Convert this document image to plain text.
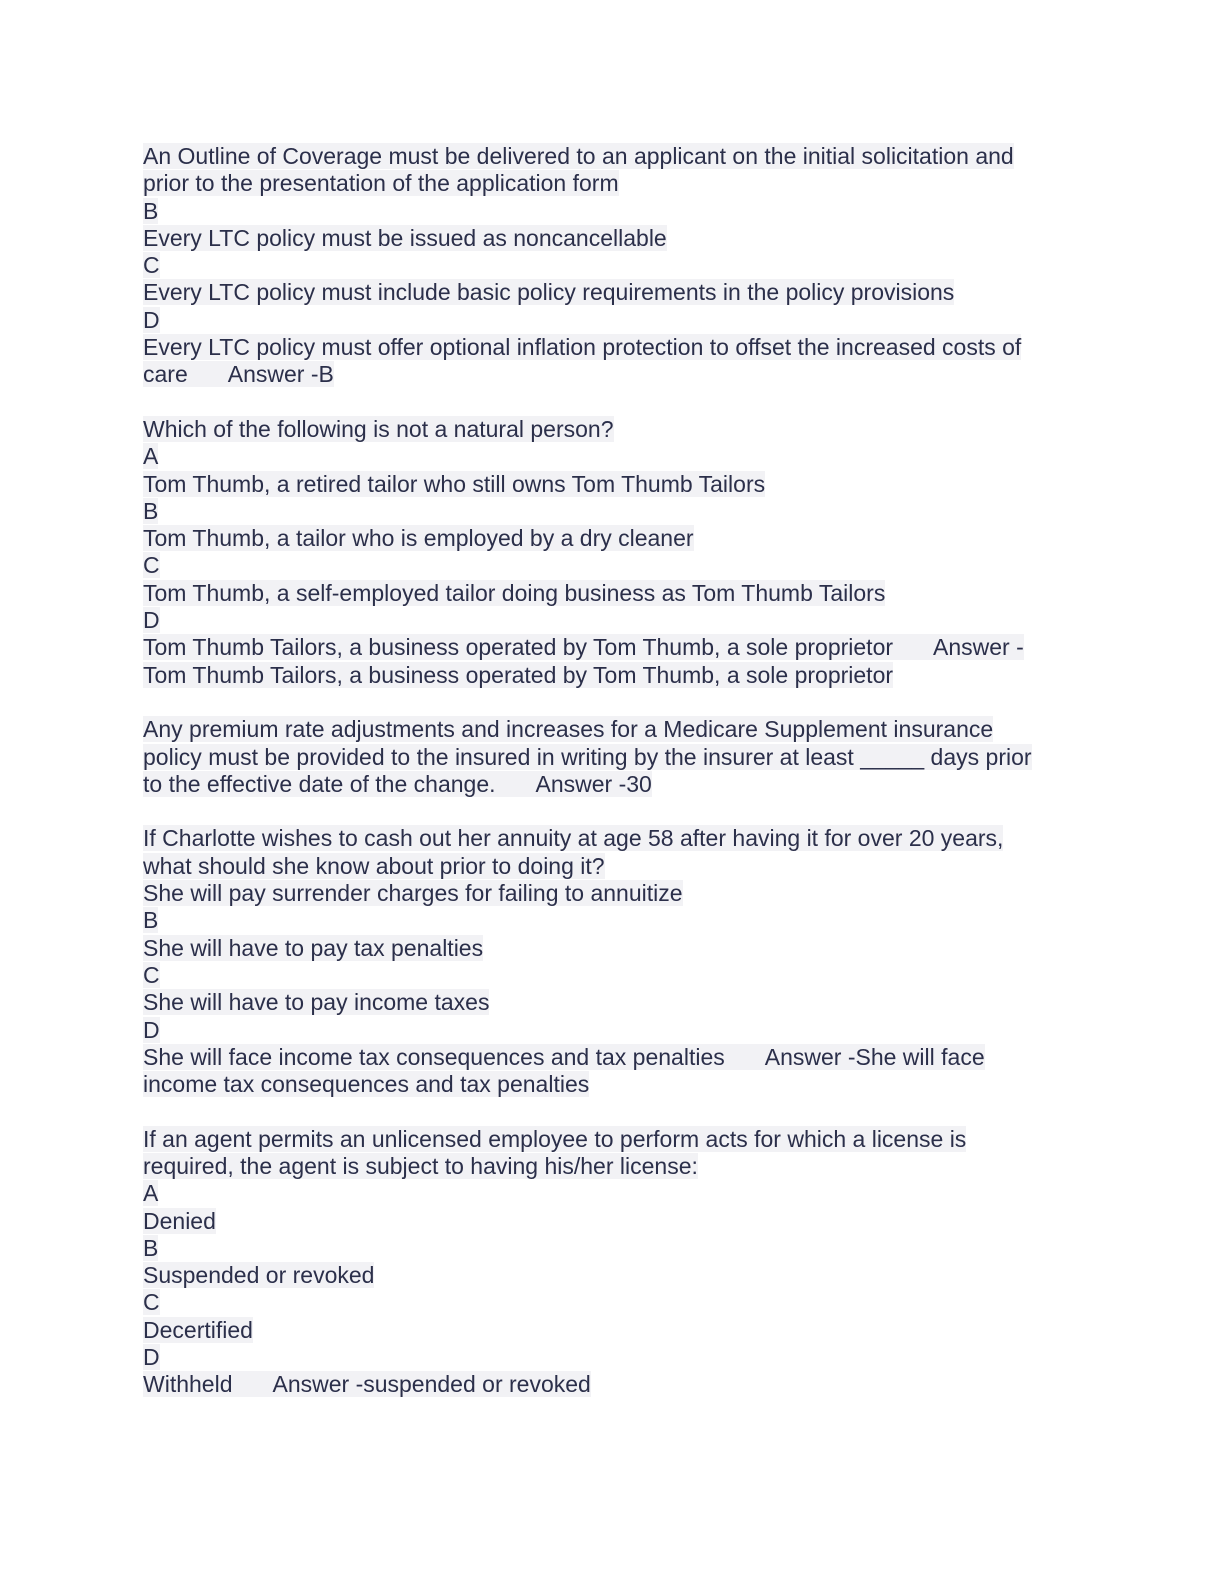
An Outline of Coverage must be delivered to an applicant on the initial solicitation and
prior to the presentation of the application form
B
Every LTC policy must be issued as noncancellable
C
Every LTC policy must include basic policy requirements in the policy provisions
D
Every LTC policy must offer optional inflation protection to offset the increased costs of
care Answer -B
Which of the following is not a natural person?
A
Tom Thumb, a retired tailor who still owns Tom Thumb Tailors
B
Tom Thumb, a tailor who is employed by a dry cleaner
C
Tom Thumb, a self-employed tailor doing business as Tom Thumb Tailors
D
Tom Thumb Tailors, a business operated by Tom Thumb, a sole proprietor Answer -
Tom Thumb Tailors, a business operated by Tom Thumb, a sole proprietor
Any premium rate adjustments and increases for a Medicare Supplement insurance
policy must be provided to the insured in writing by the insurer at least _____ days prior
to the effective date of the change. Answer -30
If Charlotte wishes to cash out her annuity at age 58 after having it for over 20 years,
what should she know about prior to doing it?
She will pay surrender charges for failing to annuitize
B
She will have to pay tax penalties
C
She will have to pay income taxes
D
She will face income tax consequences and tax penalties Answer -She will face
income tax consequences and tax penalties
If an agent permits an unlicensed employee to perform acts for which a license is
required, the agent is subject to having his/her license:
A
Denied
B
Suspended or revoked
C
Decertified
D
Withheld Answer -suspended or revoked
